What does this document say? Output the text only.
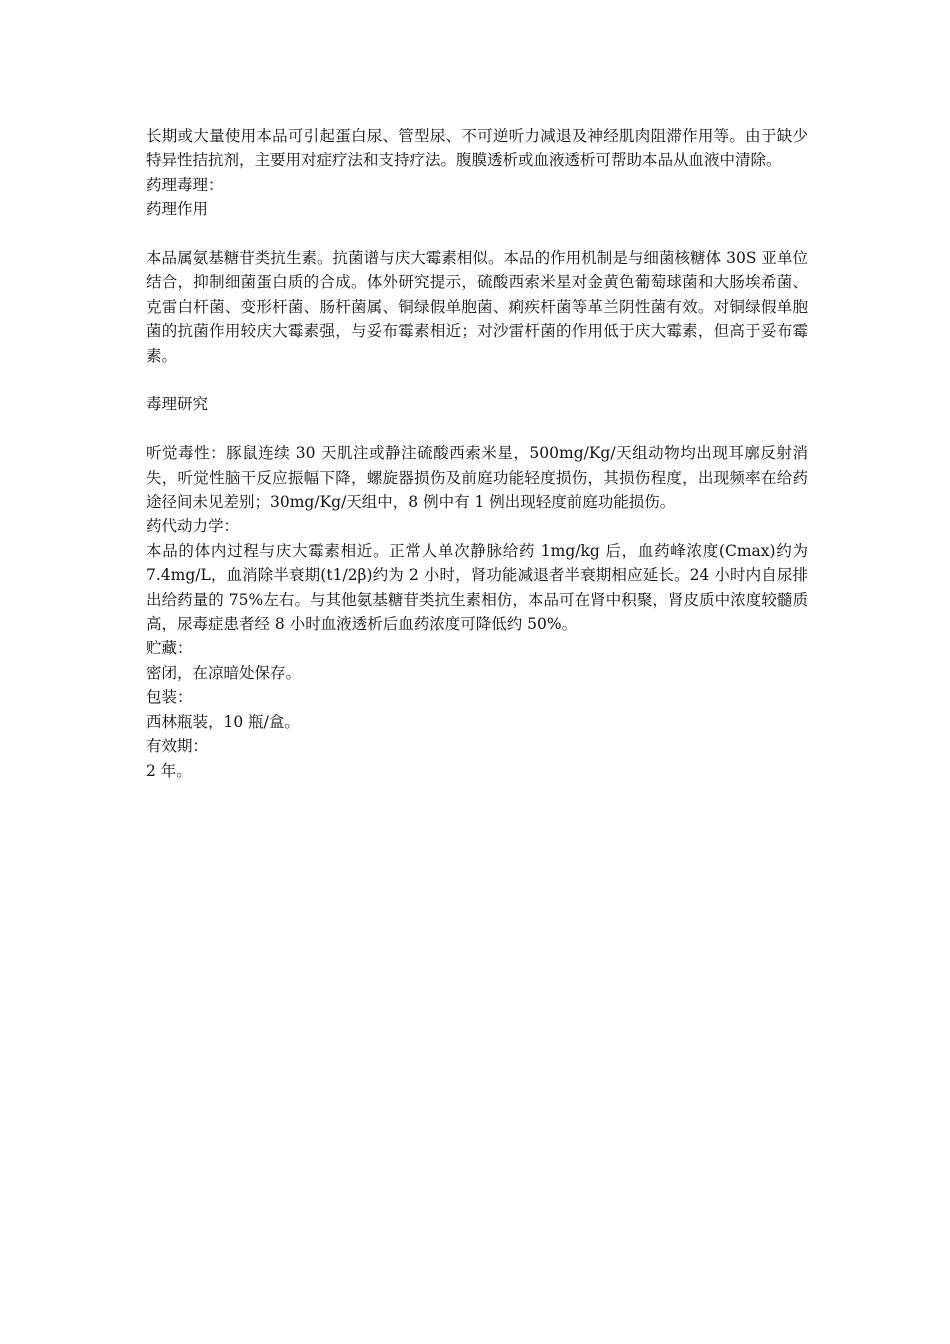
长期或大量使用本品可引起蛋白尿、管型尿、不可逆听力减退及神经肌肉阻滞作用等。由于缺少特异性拮抗剂，主要用对症疗法和支持疗法。腹膜透析或血液透析可帮助本品从血液中清除。

药理毒理：

药理作用

本品属氨基糖苷类抗生素。抗菌谱与庆大霉素相似。本品的作用机制是与细菌核糖体 30S 亚单位结合，抑制细菌蛋白质的合成。体外研究提示，硫酸西索米星对金黄色葡萄球菌和大肠埃希菌、克雷白杆菌、变形杆菌、肠杆菌属、铜绿假单胞菌、痢疾杆菌等革兰阴性菌有效。对铜绿假单胞菌的抗菌作用较庆大霉素强，与妥布霉素相近；对沙雷杆菌的作用低于庆大霉素，但高于妥布霉素。

毒理研究

听觉毒性：豚鼠连续 30 天肌注或静注硫酸西索米星，500mg/Kg/天组动物均出现耳廓反射消失，听觉性脑干反应振幅下降，螺旋器损伤及前庭功能轻度损伤，其损伤程度，出现频率在给药途径间未见差别；30mg/Kg/天组中，8 例中有 1 例出现轻度前庭功能损伤。

药代动力学：

本品的体内过程与庆大霉素相近。正常人单次静脉给药 1mg/kg 后，血药峰浓度(Cmax)约为 7.4mg/L，血消除半衰期(t1/2β)约为 2 小时，肾功能减退者半衰期相应延长。24 小时内自尿排出给药量的 75%左右。与其他氨基糖苷类抗生素相仿，本品可在肾中积聚，肾皮质中浓度较髓质高，尿毒症患者经 8 小时血液透析后血药浓度可降低约 50%。

贮藏：

密闭，在凉暗处保存。

包装：

西林瓶装，10 瓶/盒。

有效期：

2 年。
